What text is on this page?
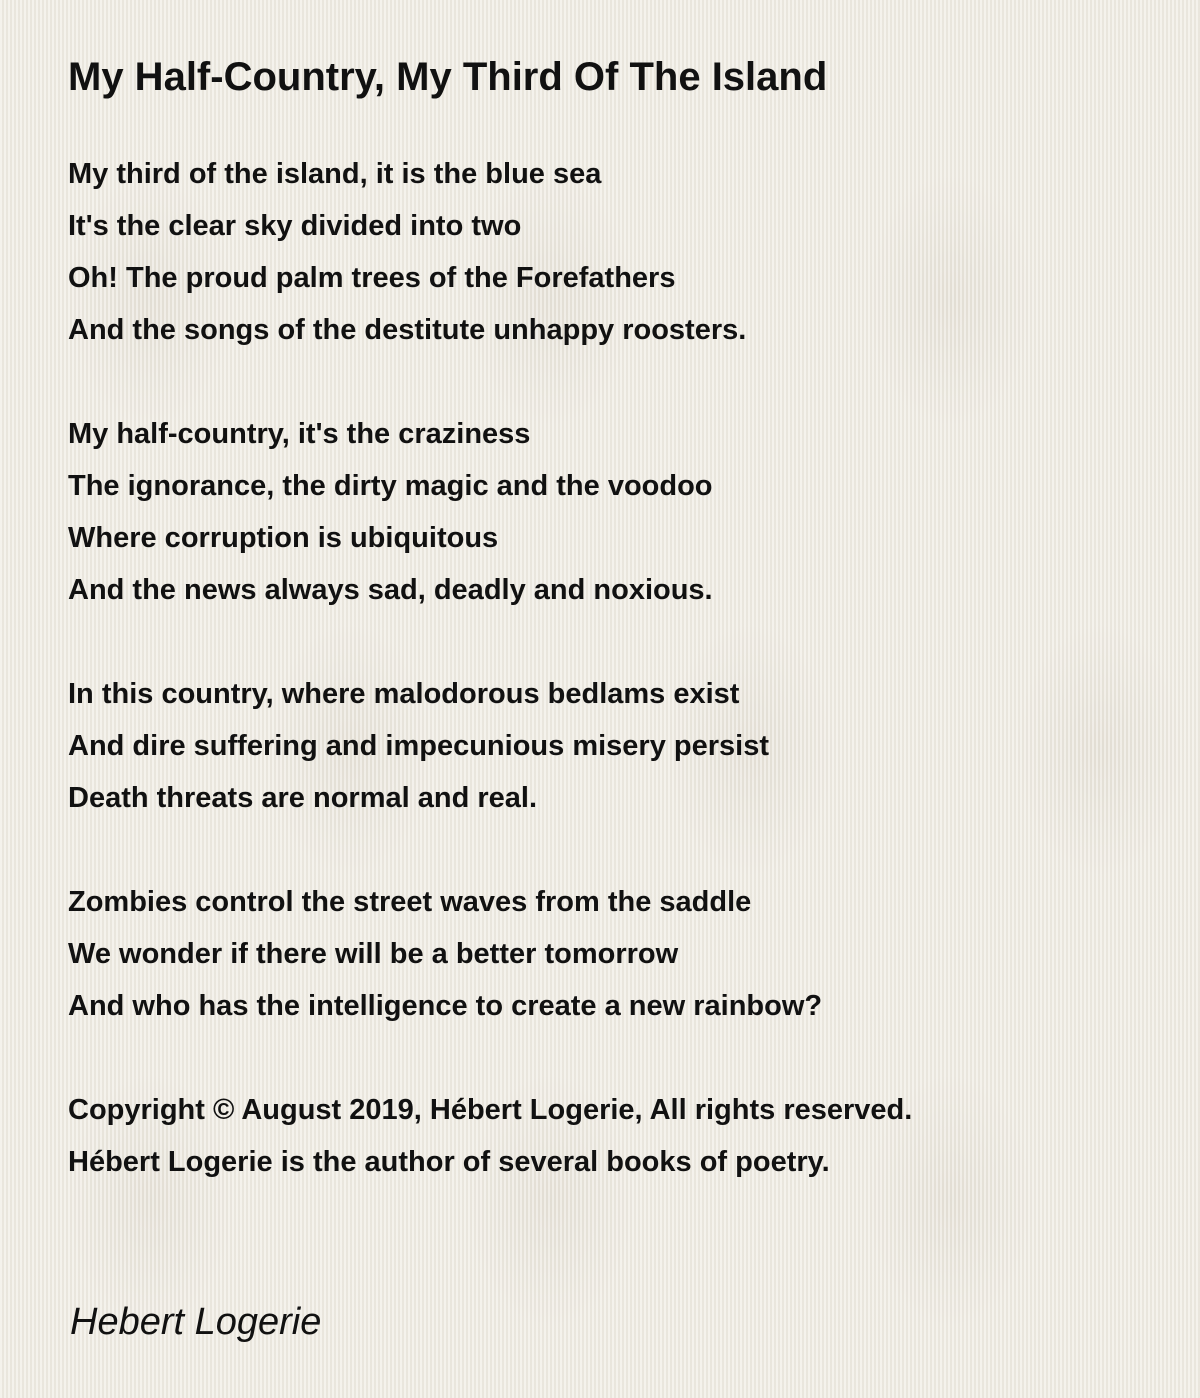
My Half-Country, My Third Of The Island
My third of the island, it is the blue sea
It's the clear sky divided into two
Oh! The proud palm trees of the Forefathers
And the songs of the destitute unhappy roosters.
My half-country, it's the craziness
The ignorance, the dirty magic and the voodoo
Where corruption is ubiquitous
And the news always sad, deadly and noxious.
In this country, where malodorous bedlams exist
And dire suffering and impecunious misery persist
Death threats are normal and real.
Zombies control the street waves from the saddle
We wonder if there will be a better tomorrow
And who has the intelligence to create a new rainbow?
Copyright © August 2019, Hébert Logerie, All rights reserved.
Hébert Logerie is the author of several books of poetry.
Hebert Logerie
